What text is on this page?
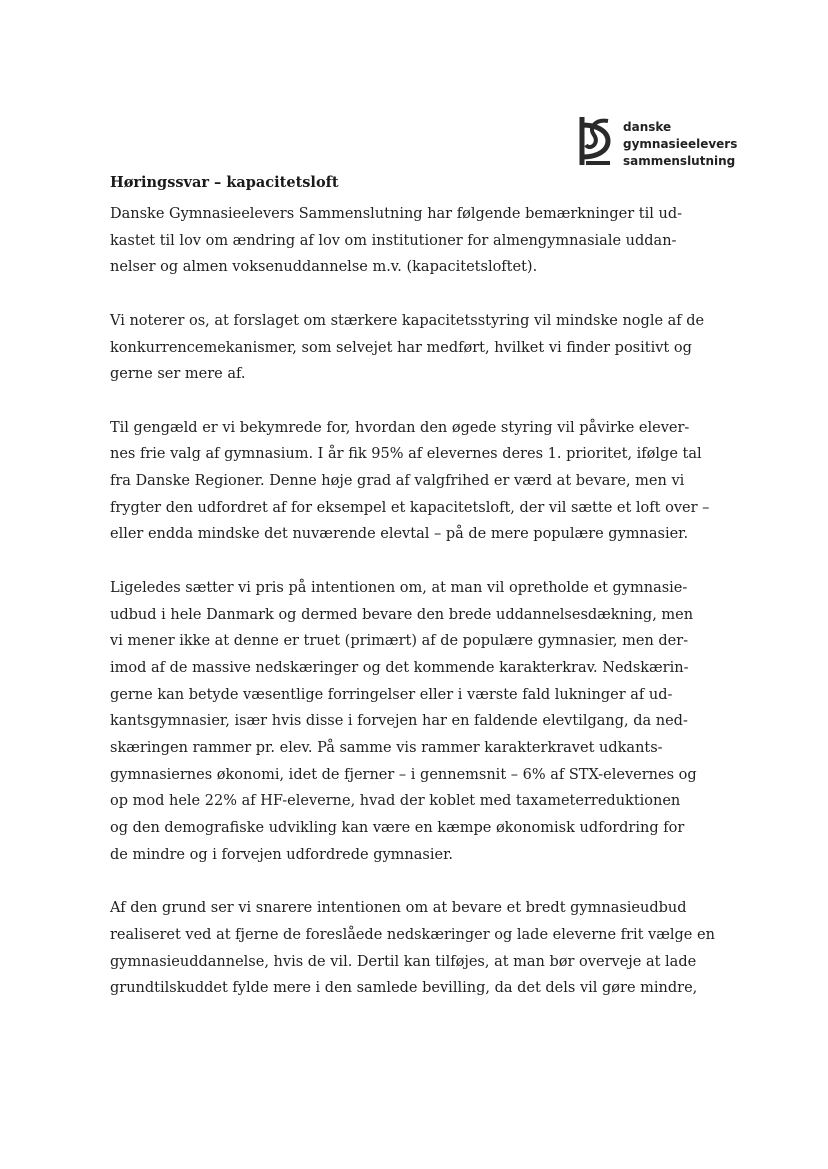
danske
gymnasieelevers
sammenslutning
Høringssvar – kapacitetsloft

Danske Gymnasieelevers Sammenslutning har følgende bemærkninger til ud-
kastet til lov om ændring af lov om institutioner for almengymnasiale uddan-
nelser og almen voksenuddannelse m.v. (kapacitetsloftet).

Vi noterer os, at forslaget om stærkere kapacitetsstyring vil mindske nogle af de
konkurrencemekanismer, som selvejet har medført, hvilket vi finder positivt og
gerne ser mere af.

Til gengæld er vi bekymrede for, hvordan den øgede styring vil påvirke elever-
nes frie valg af gymnasium. I år fik 95% af elevernes deres 1. prioritet, ifølge tal
fra Danske Regioner. Denne høje grad af valgfrihed er værd at bevare, men vi
frygter den udfordret af for eksempel et kapacitetsloft, der vil sætte et loft over –
eller endda mindske det nuværende elevtal – på de mere populære gymnasier.

Ligeledes sætter vi pris på intentionen om, at man vil opretholde et gymnasie-
udbud i hele Danmark og dermed bevare den brede uddannelsesdækning, men
vi mener ikke at denne er truet (primært) af de populære gymnasier, men der-
imod af de massive nedskæringer og det kommende karakterkrav. Nedskærin-
gerne kan betyde væsentlige forringelser eller i værste fald lukninger af ud-
kantsgymnasier, især hvis disse i forvejen har en faldende elevtilgang, da ned-
skæringen rammer pr. elev. På samme vis rammer karakterkravet udkants-
gymnasiernes økonomi, idet de fjerner – i gennemsnit – 6% af STX-elevernes og
op mod hele 22% af HF-eleverne, hvad der koblet med taxameterreduktionen
og den demografiske udvikling kan være en kæmpe økonomisk udfordring for
de mindre og i forvejen udfordrede gymnasier.

Af den grund ser vi snarere intentionen om at bevare et bredt gymnasieudbud
realiseret ved at fjerne de foreslåede nedskæringer og lade eleverne frit vælge en
gymnasieuddannelse, hvis de vil. Dertil kan tilføjes, at man bør overveje at lade
grundtilskuddet fylde mere i den samlede bevilling, da det dels vil gøre mindre,
